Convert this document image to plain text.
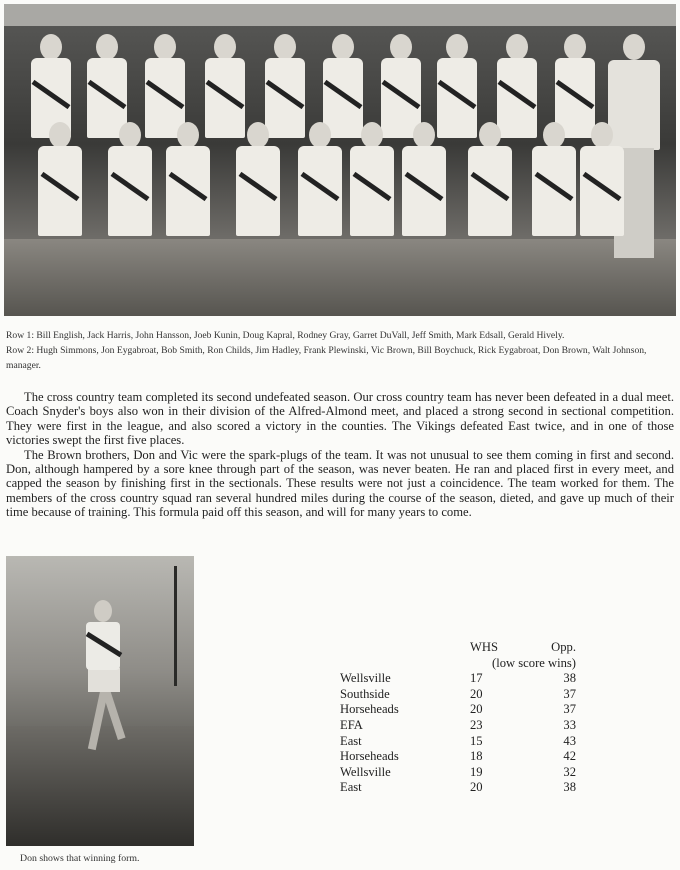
Row 1: Bill English, Jack Harris, John Hansson, Joeb Kunin, Doug Kapral, Rodney Gray, Garret DuVall, Jeff Smith, Mark Edsall, Gerald Hively.

Row 2: Hugh Simmons, Jon Eygabroat, Bob Smith, Ron Childs, Jim Hadley, Frank Plewinski, Vic Brown, Bill Boychuck, Rick Eygabroat, Don Brown, Walt Johnson, manager.

The cross country team completed its second undefeated season. Our cross country team has never been defeated in a dual meet. Coach Snyder's boys also won in their division of the Alfred-Almond meet, and placed a strong second in sectional competition. They were first in the league, and also scored a victory in the counties. The Vikings defeated East twice, and in one of those victories swept the first five places.

The Brown brothers, Don and Vic were the spark-plugs of the team. It was not unusual to see them coming in first and second. Don, although hampered by a sore knee through part of the season, was never beaten. He ran and placed first in every meet, and capped the season by finishing first in the sectionals. These results were not just a coincidence. The team worked for them. The members of the cross country squad ran several hundred miles during the course of the season, dieted, and gave up much of their time because of training. This formula paid off this season, and will for many years to come.

Don shows that winning form.
	WHS	Opp.
	(low score wins)	
Wellsville	17	38
Southside	20	37
Horseheads	20	37
EFA	23	33
East	15	43
Horseheads	18	42
Wellsville	19	32
East	20	38
